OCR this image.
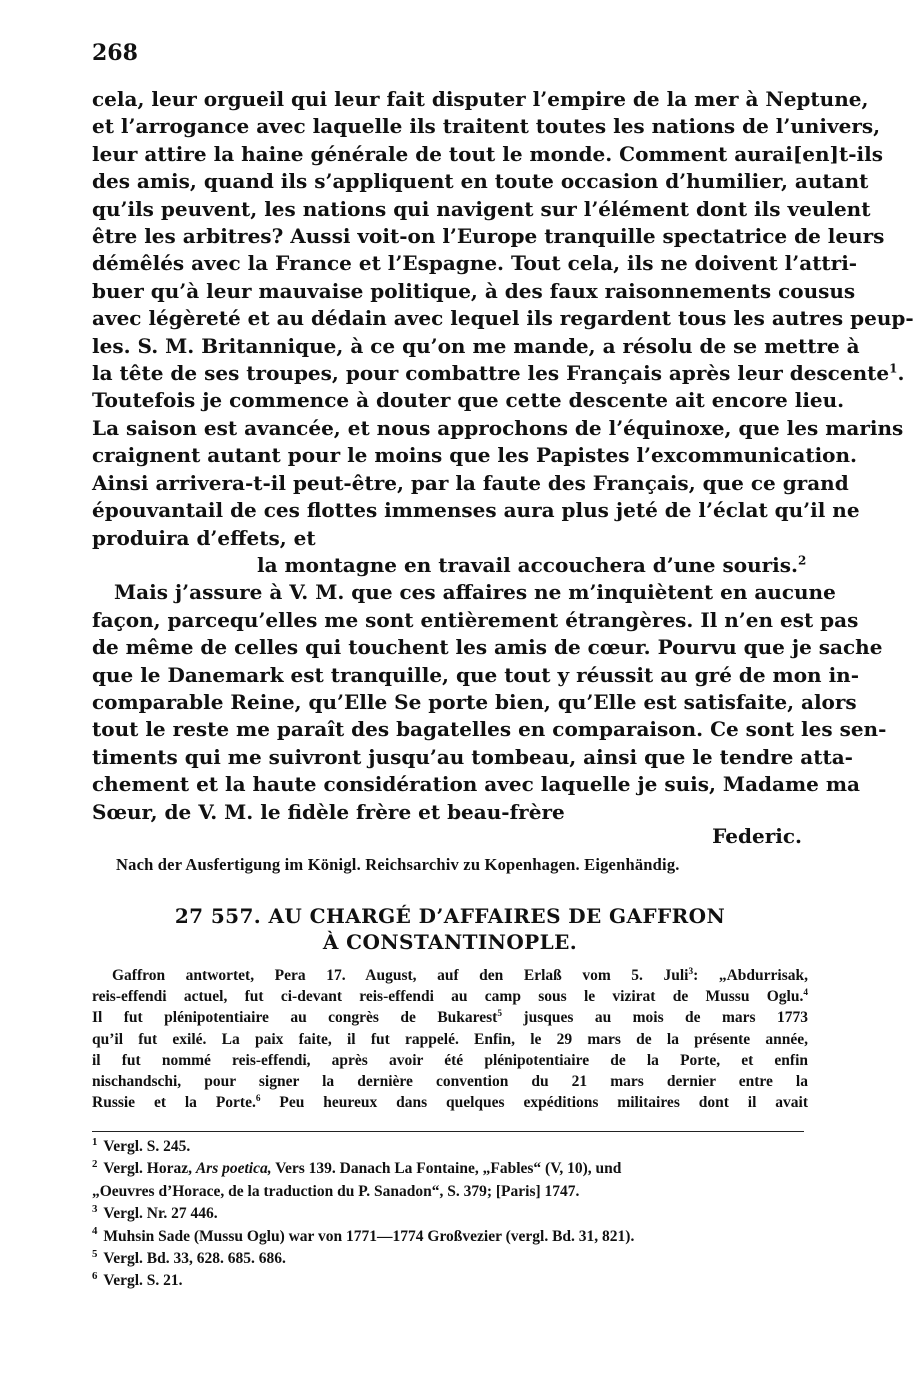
268
cela, leur orgueil qui leur fait disputer l’empire de la mer à Neptune,
et l’arrogance avec laquelle ils traitent toutes les nations de l’univers,
leur attire la haine générale de tout le monde. Comment aurai[en]t-ils
des amis, quand ils s’appliquent en toute occasion d’humilier, autant
qu’ils peuvent, les nations qui navigent sur l’élément dont ils veulent
être les arbitres? Aussi voit-on l’Europe tranquille spectatrice de leurs
démêlés avec la France et l’Espagne. Tout cela, ils ne doivent l’attri-
buer qu’à leur mauvaise politique, à des faux raisonnements cousus
avec légèreté et au dédain avec lequel ils regardent tous les autres peup-
les. S. M. Britannique, à ce qu’on me mande, a résolu de se mettre à
la tête de ses troupes, pour combattre les Français après leur descente$^1$.
Toutefois je commence à douter que cette descente ait encore lieu.
La saison est avancée, et nous approchons de l’équinoxe, que les marins
craignent autant pour le moins que les Papistes l’excommunication.
Ainsi arrivera-t-il peut-être, par la faute des Français, que ce grand
épouvantail de ces flottes immenses aura plus jeté de l’éclat qu’il ne
produira d’effets, et
la montagne en travail accouchera d’une souris.$^2$
Mais j’assure à V. M. que ces affaires ne m’inquiètent en aucune
façon, parcequ’elles me sont entièrement étrangères. Il n’en est pas
de même de celles qui touchent les amis de cœur. Pourvu que je sache
que le Danemark est tranquille, que tout y réussit au gré de mon in-
comparable Reine, qu’Elle Se porte bien, qu’Elle est satisfaite, alors
tout le reste me paraît des bagatelles en comparaison. Ce sont les sen-
timents qui me suivront jusqu’au tombeau, ainsi que le tendre atta-
chement et la haute considération avec laquelle je suis, Madame ma
Sœur, de V. M. le fidèle frère et beau-frère
Federic.
Nach der Ausfertigung im Königl. Reichsarchiv zu Kopenhagen. Eigenhändig.
27 557. AU CHARGÉ D’AFFAIRES DE GAFFRON
À CONSTANTINOPLE.
Gaffron antwortet, Pera 17. August, auf den Erlaß vom 5. Juli$^3$: „Abdurrisak,
reis-effendi actuel, fut ci-devant reis-effendi au camp sous le vizirat de Mussu Oglu.$^4$
Il fut plénipotentiaire au congrès de Bukarest$^5$ jusques au mois de mars 1773
qu’il fut exilé. La paix faite, il fut rappelé. Enfin, le 29 mars de la présente année,
il fut nommé reis-effendi, après avoir été plénipotentiaire de la Porte, et enfin
nischandschi, pour signer la dernière convention du 21 mars dernier entre la
Russie et la Porte.$^6$ Peu heureux dans quelques expéditions militaires dont il avait
$^1$ Vergl. S. 245.
$^2$ Vergl. Horaz, Ars poetica, Vers 139. Danach La Fontaine, „Fables“ (V, 10), und
„Oeuvres d’Horace, de la traduction du P. Sanadon“, S. 379; [Paris] 1747.
$^3$ Vergl. Nr. 27 446.
$^4$ Muhsin Sade (Mussu Oglu) war von 1771—1774 Großvezier (vergl. Bd. 31, 821).
$^5$ Vergl. Bd. 33, 628. 685. 686.
$^6$ Vergl. S. 21.
